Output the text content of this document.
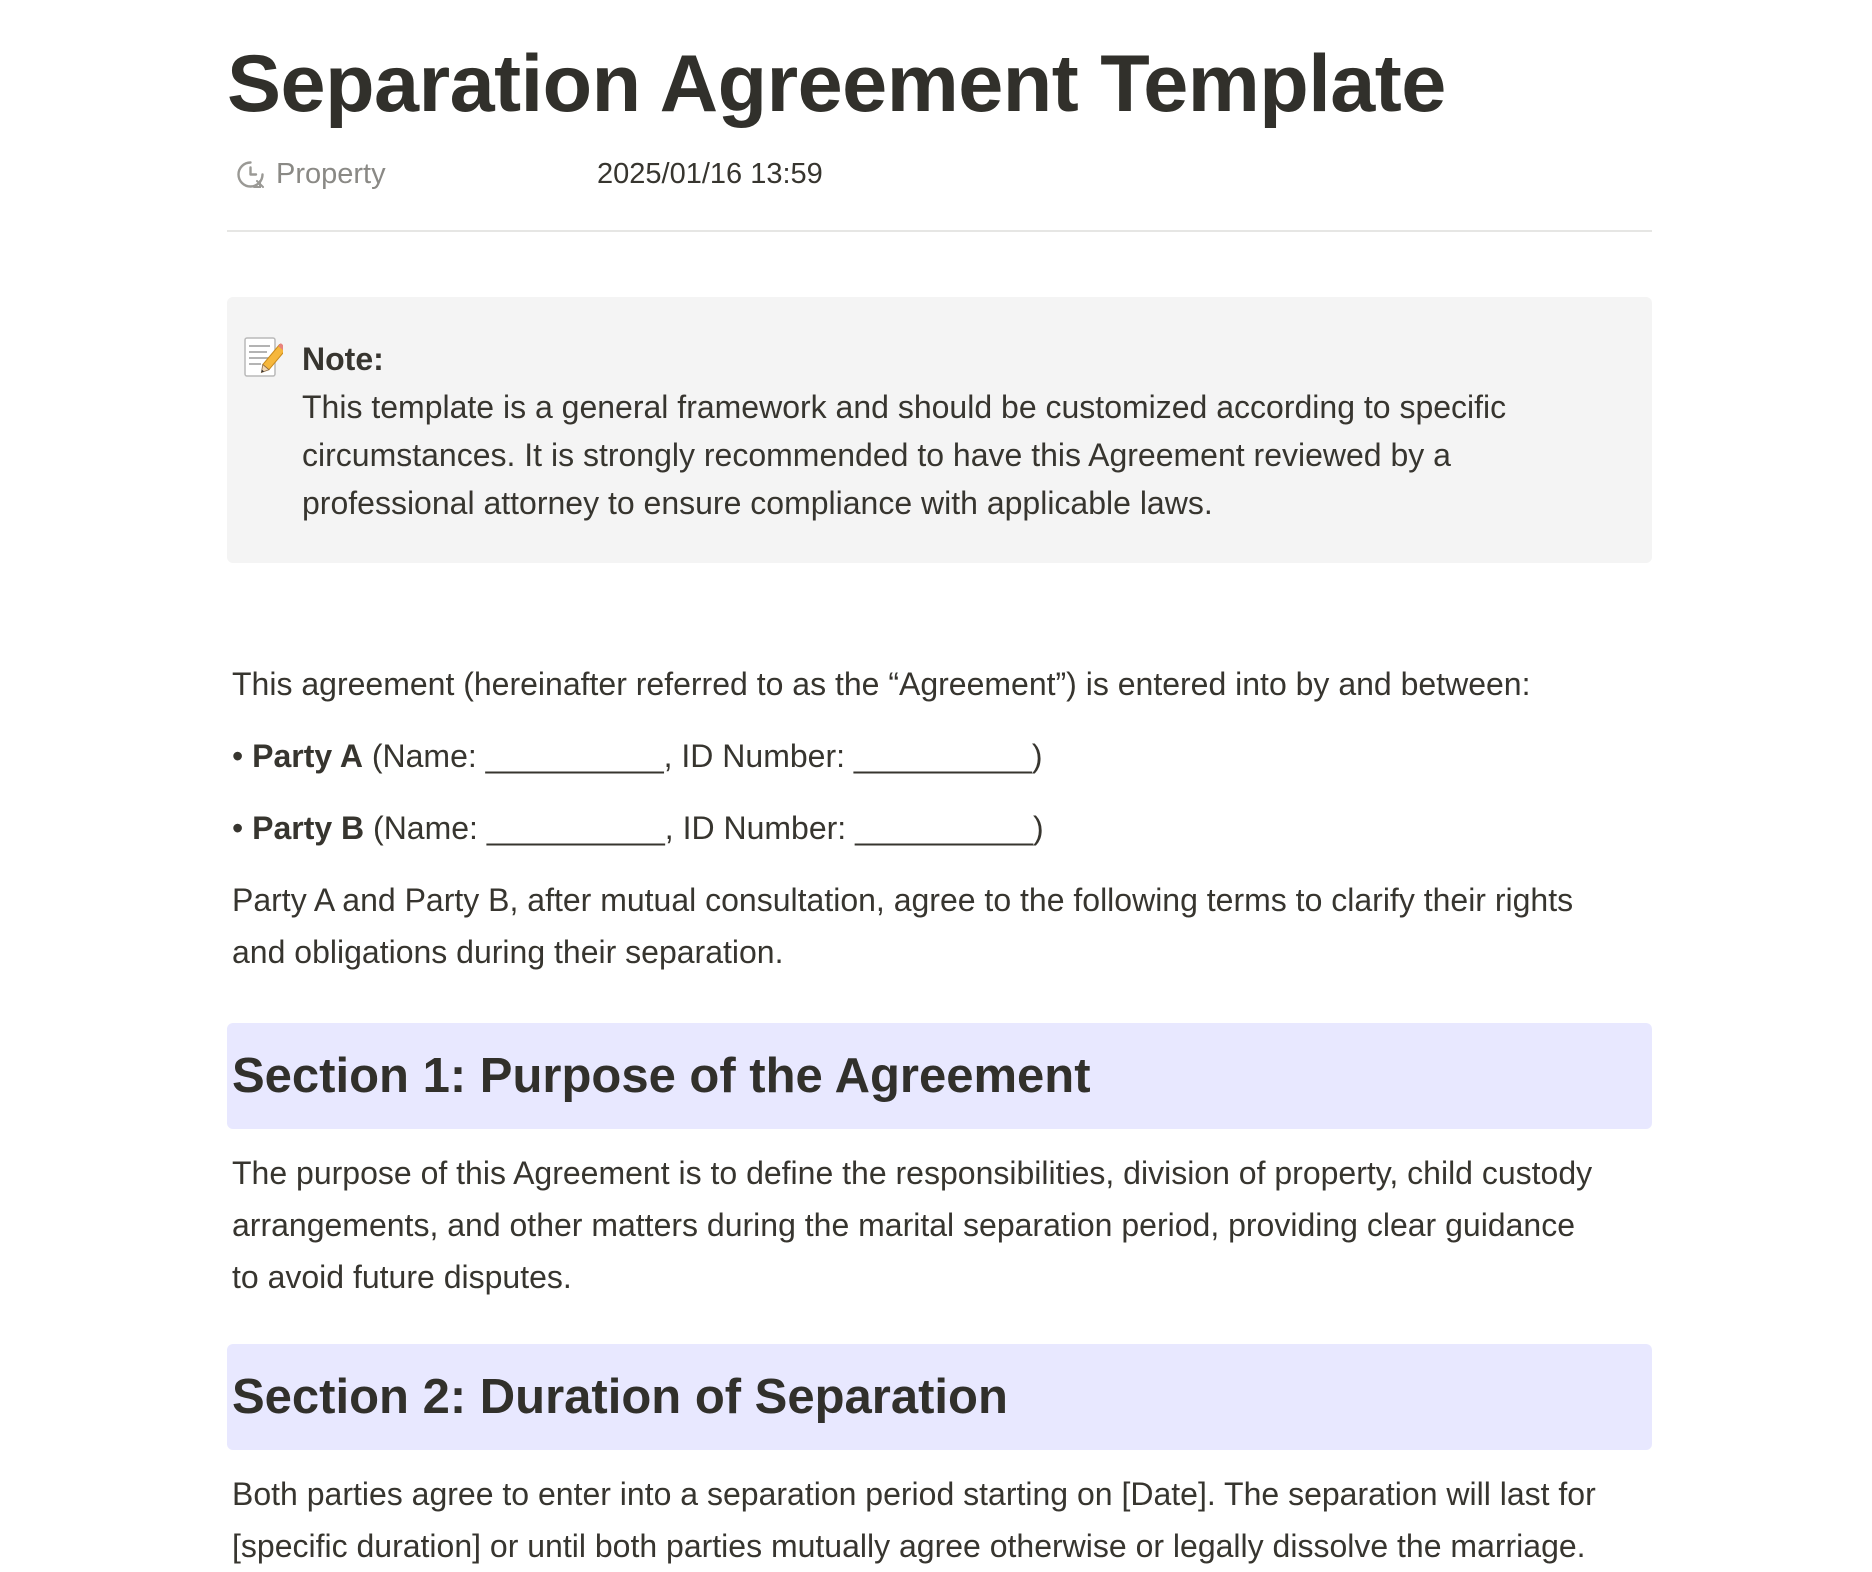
Separation Agreement Template
Property	2025/01/16 13:59
Note:
This template is a general framework and should be customized according to specific
circumstances. It is strongly recommended to have this Agreement reviewed by a
professional attorney to ensure compliance with applicable laws.

This agreement (hereinafter referred to as the “Agreement”) is entered into by and between:

• Party A (Name: __________, ID Number: __________)
• Party B (Name: __________, ID Number: __________)
Party A and Party B, after mutual consultation, agree to the following terms to clarify their rights
and obligations during their separation.
Section 1: Purpose of the Agreement
The purpose of this Agreement is to define the responsibilities, division of property, child custody
arrangements, and other matters during the marital separation period, providing clear guidance
to avoid future disputes.
Section 2: Duration of Separation
Both parties agree to enter into a separation period starting on [Date]. The separation will last for
[specific duration] or until both parties mutually agree otherwise or legally dissolve the marriage.
